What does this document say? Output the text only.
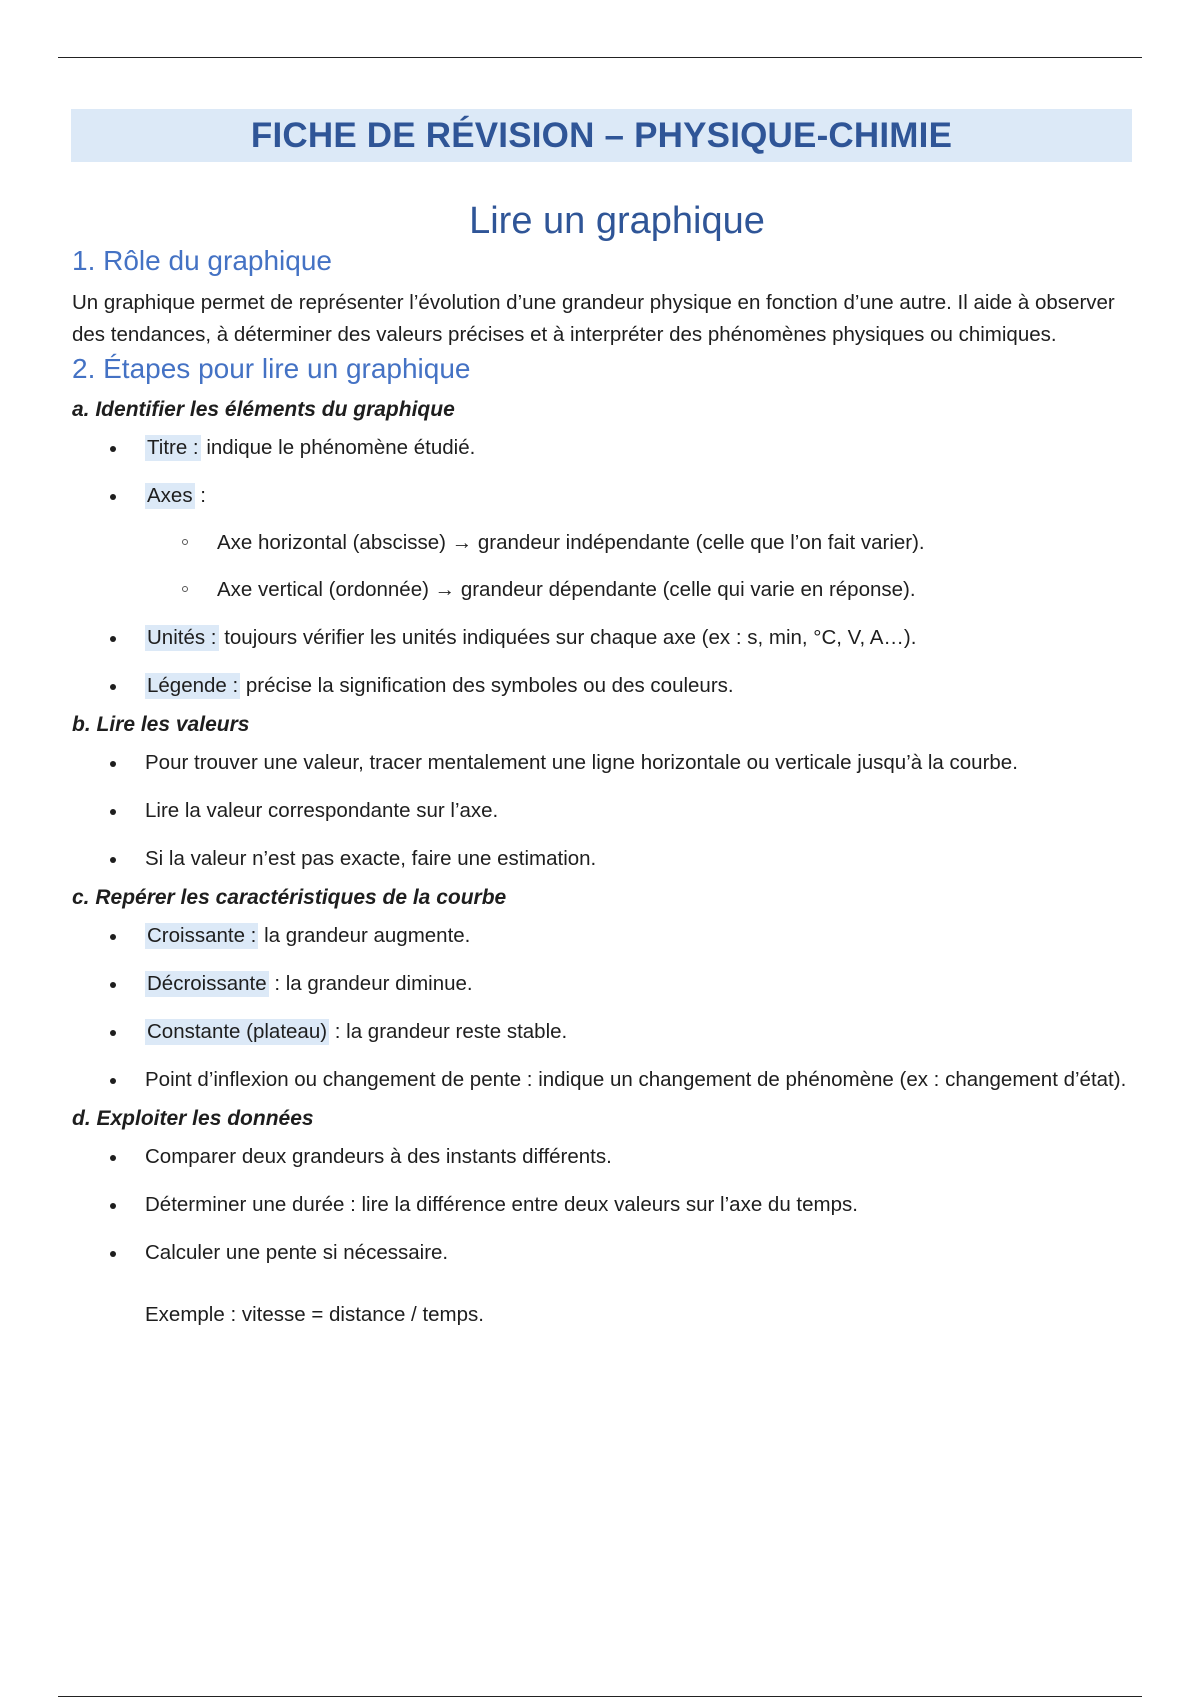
FICHE DE RÉVISION – PHYSIQUE-CHIMIE
Lire un graphique
1. Rôle du graphique

Un graphique permet de représenter l’évolution d’une grandeur physique en fonction d’une autre. Il aide à observer des tendances, à déterminer des valeurs précises et à interpréter des phénomènes physiques ou chimiques.

2. Étapes pour lire un graphique
a. Identifier les éléments du graphique
Titre : indique le phénomène étudié.
Axes :
Axe horizontal (abscisse) → grandeur indépendante (celle que l’on fait varier).
Axe vertical (ordonnée) → grandeur dépendante (celle qui varie en réponse).
Unités : toujours vérifier les unités indiquées sur chaque axe (ex : s, min, °C, V, A…).
Légende : précise la signification des symboles ou des couleurs.
b. Lire les valeurs
Pour trouver une valeur, tracer mentalement une ligne horizontale ou verticale jusqu’à la courbe.
Lire la valeur correspondante sur l’axe.
Si la valeur n’est pas exacte, faire une estimation.
c. Repérer les caractéristiques de la courbe
Croissante : la grandeur augmente.
Décroissante : la grandeur diminue.
Constante (plateau) : la grandeur reste stable.
Point d’inflexion ou changement de pente : indique un changement de phénomène (ex : changement d’état).
d. Exploiter les données
Comparer deux grandeurs à des instants différents.
Déterminer une durée : lire la différence entre deux valeurs sur l’axe du temps.
Calculer une pente si nécessaire.
Exemple : vitesse = distance / temps.
